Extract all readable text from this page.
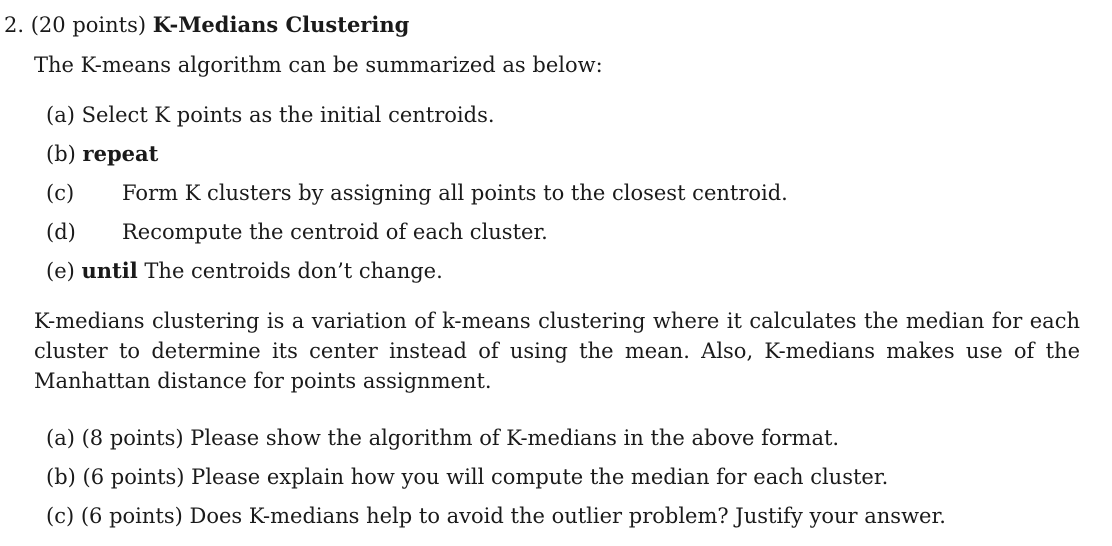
2. (20 points) K-Medians Clustering
The K-means algorithm can be summarized as below:
(a) Select K points as the initial centroids.
(b) repeat
(c) Form K clusters by assigning all points to the closest centroid.
(d) Recompute the centroid of each cluster.
(e) until The centroids don’t change.
K-medians clustering is a variation of k-means clustering where it calculates the median for each cluster to determine its center instead of using the mean. Also, K-medians makes use of the Manhattan distance for points assignment.
(a) (8 points) Please show the algorithm of K-medians in the above format.
(b) (6 points) Please explain how you will compute the median for each cluster.
(c) (6 points) Does K-medians help to avoid the outlier problem? Justify your answer.
